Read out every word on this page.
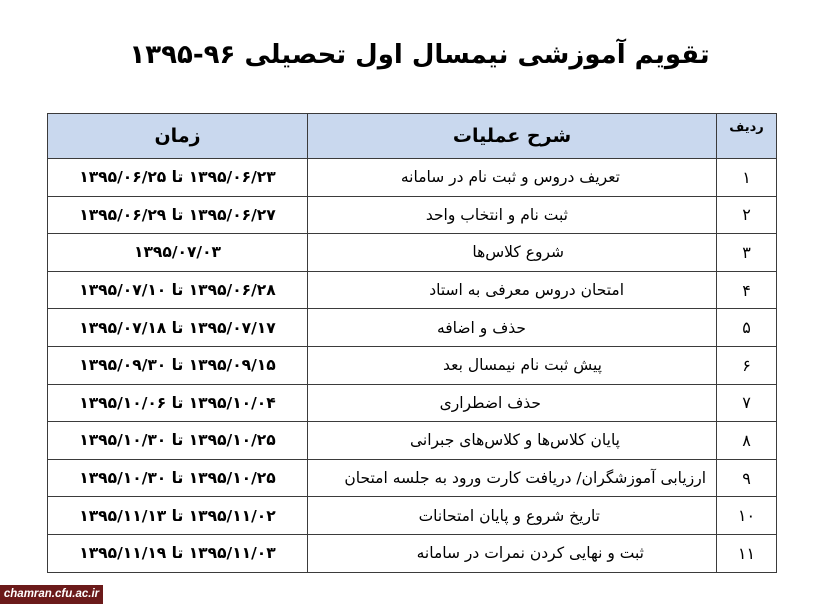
تقویم آموزشی نیمسال اول تحصیلی ۹۶-۱۳۹۵
ردیف	شرح عملیات	زمان
۱	تعریف دروس و ثبت نام در سامانه	۱۳۹۵/۰۶/۲۳ تا ۱۳۹۵/۰۶/۲۵
۲	ثبت نام و انتخاب واحد	۱۳۹۵/۰۶/۲۷ تا ۱۳۹۵/۰۶/۲۹
۳	شروع کلاس‌ها	۱۳۹۵/۰۷/۰۳
۴	امتحان دروس معرفی به استاد	۱۳۹۵/۰۶/۲۸ تا ۱۳۹۵/۰۷/۱۰
۵	حذف و اضافه	۱۳۹۵/۰۷/۱۷ تا ۱۳۹۵/۰۷/۱۸
۶	پیش ثبت نام نیمسال بعد	۱۳۹۵/۰۹/۱۵ تا ۱۳۹۵/۰۹/۳۰
۷	حذف اضطراری	۱۳۹۵/۱۰/۰۴ تا ۱۳۹۵/۱۰/۰۶
۸	پایان کلاس‌ها و کلاس‌های جبرانی	۱۳۹۵/۱۰/۲۵ تا ۱۳۹۵/۱۰/۳۰
۹	ارزیابی آموزشگران/ دریافت کارت ورود به جلسه امتحان	۱۳۹۵/۱۰/۲۵ تا ۱۳۹۵/۱۰/۳۰
۱۰	تاریخ شروع و پایان امتحانات	۱۳۹۵/۱۱/۰۲ تا ۱۳۹۵/۱۱/۱۳
۱۱	ثبت و نهایی کردن نمرات در سامانه	۱۳۹۵/۱۱/۰۳ تا ۱۳۹۵/۱۱/۱۹
chamran.cfu.ac.ir
